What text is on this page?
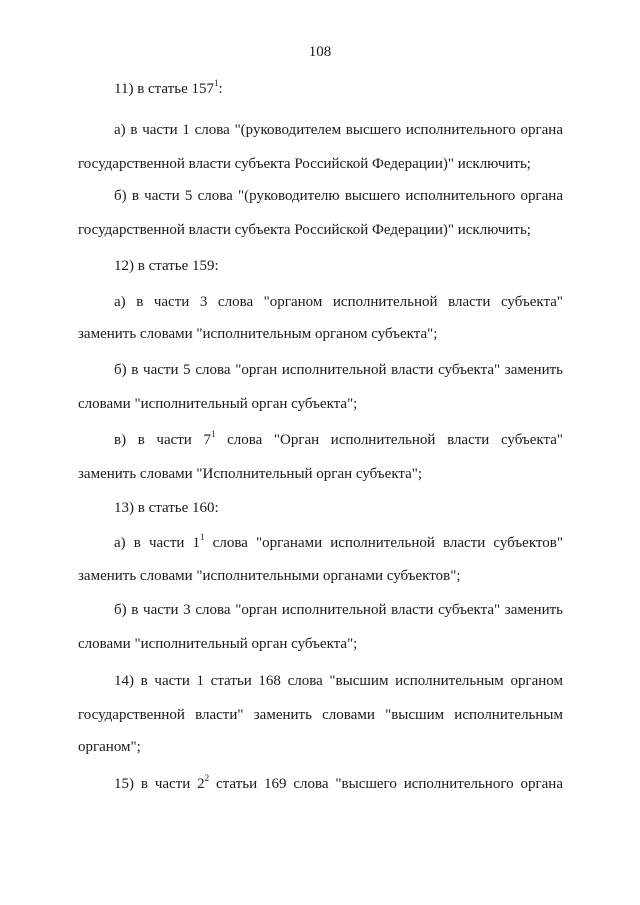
108
11) в статье $157^1$:
а) в части 1 слова "(руководителем высшего исполнительного органа
государственной власти субъекта Российской Федерации)" исключить;
б) в части 5 слова "(руководителю высшего исполнительного органа
государственной власти субъекта Российской Федерации)" исключить;
12) в статье 159:
а) в части 3 слова "органом исполнительной власти субъекта"
заменить словами "исполнительным органом субъекта";
б) в части 5 слова "орган исполнительной власти субъекта" заменить
словами "исполнительный орган субъекта";
в) в части $7^1$ слова "Орган исполнительной власти субъекта"
заменить словами "Исполнительный орган субъекта";
13) в статье 160:
а) в части $1^1$ слова "органами исполнительной власти субъектов"
заменить словами "исполнительными органами субъектов";
б) в части 3 слова "орган исполнительной власти субъекта" заменить
словами "исполнительный орган субъекта";
14) в части 1 статьи 168 слова "высшим исполнительным органом
государственной власти" заменить словами "высшим исполнительным
органом";
15) в части $2^2$ статьи 169 слова "высшего исполнительного органа
